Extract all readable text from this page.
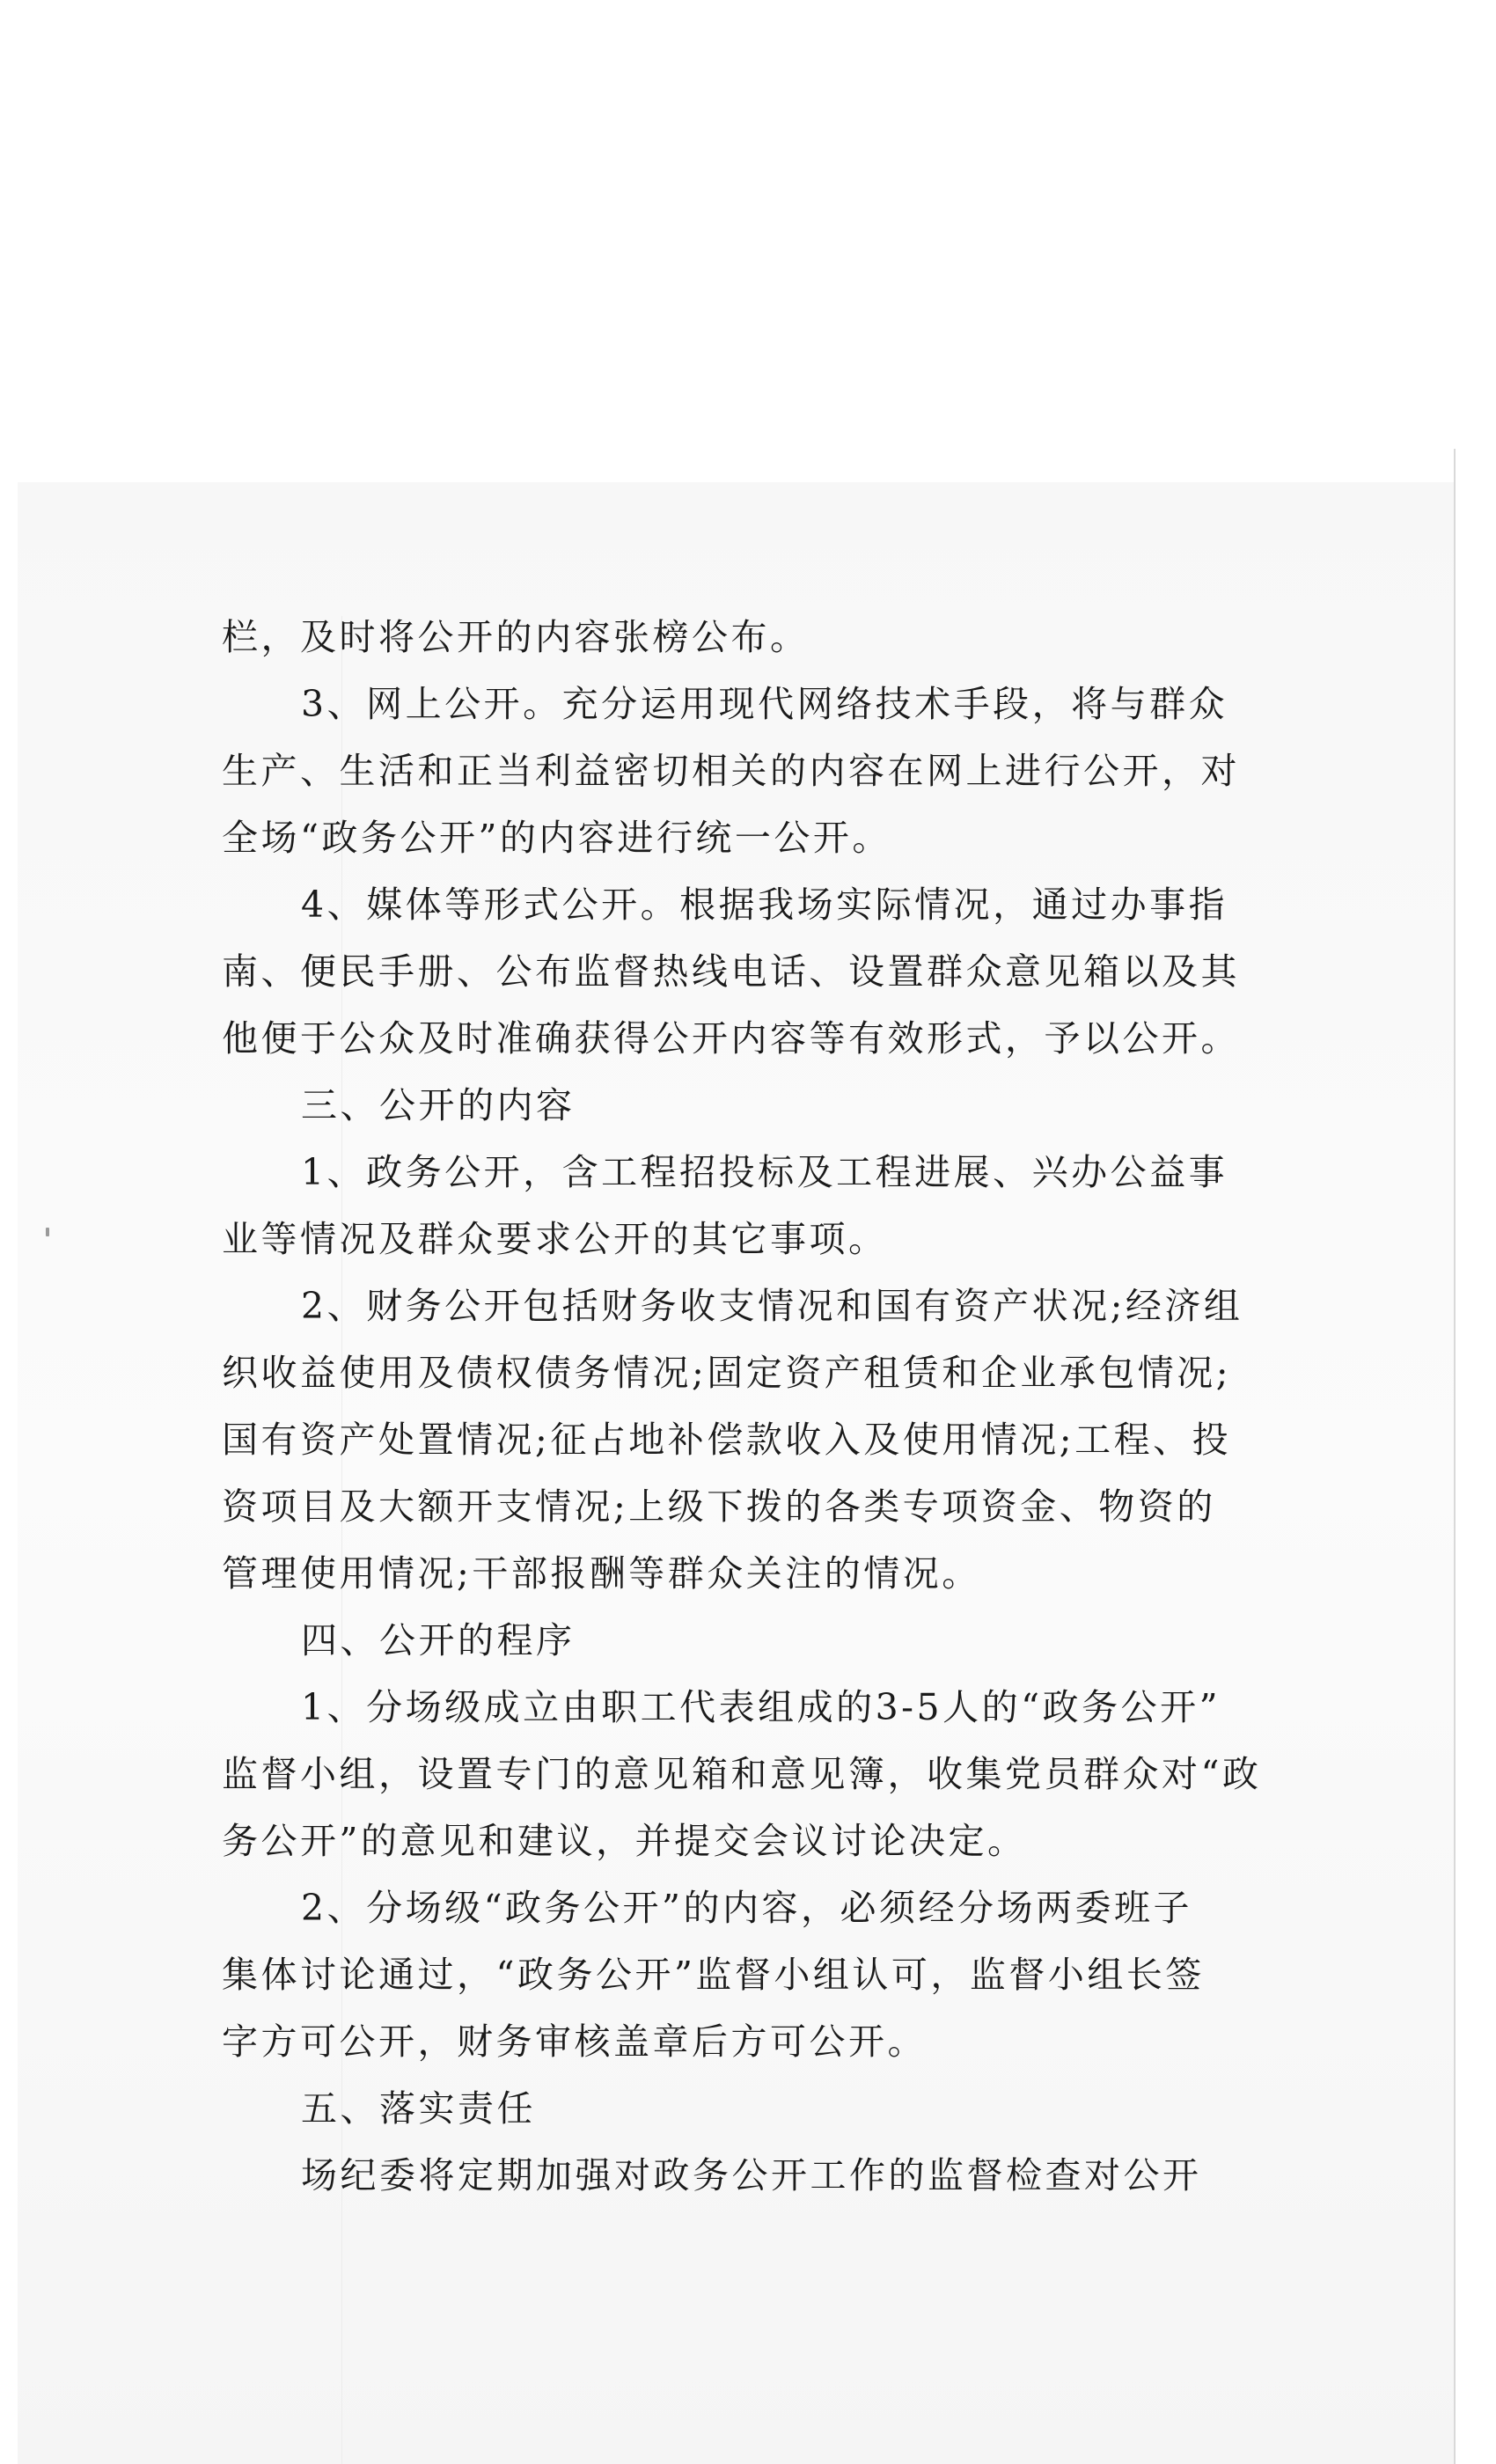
栏，及时将公开的内容张榜公布。
3、网上公开。充分运用现代网络技术手段，将与群众
生产、生活和正当利益密切相关的内容在网上进行公开，对
全场“政务公开”的内容进行统一公开。
4、媒体等形式公开。根据我场实际情况，通过办事指
南、便民手册、公布监督热线电话、设置群众意见箱以及其
他便于公众及时准确获得公开内容等有效形式，予以公开。
三、公开的内容
1、政务公开，含工程招投标及工程进展、兴办公益事
业等情况及群众要求公开的其它事项。
2、财务公开包括财务收支情况和国有资产状况;经济组
织收益使用及债权债务情况;固定资产租赁和企业承包情况;
国有资产处置情况;征占地补偿款收入及使用情况;工程、投
资项目及大额开支情况;上级下拨的各类专项资金、物资的
管理使用情况;干部报酬等群众关注的情况。
四、公开的程序
1、分场级成立由职工代表组成的3-5人的“政务公开”
监督小组，设置专门的意见箱和意见簿，收集党员群众对“政
务公开”的意见和建议，并提交会议讨论决定。
2、分场级“政务公开”的内容，必须经分场两委班子
集体讨论通过，“政务公开”监督小组认可，监督小组长签
字方可公开，财务审核盖章后方可公开。
五、落实责任
场纪委将定期加强对政务公开工作的监督检查对公开
